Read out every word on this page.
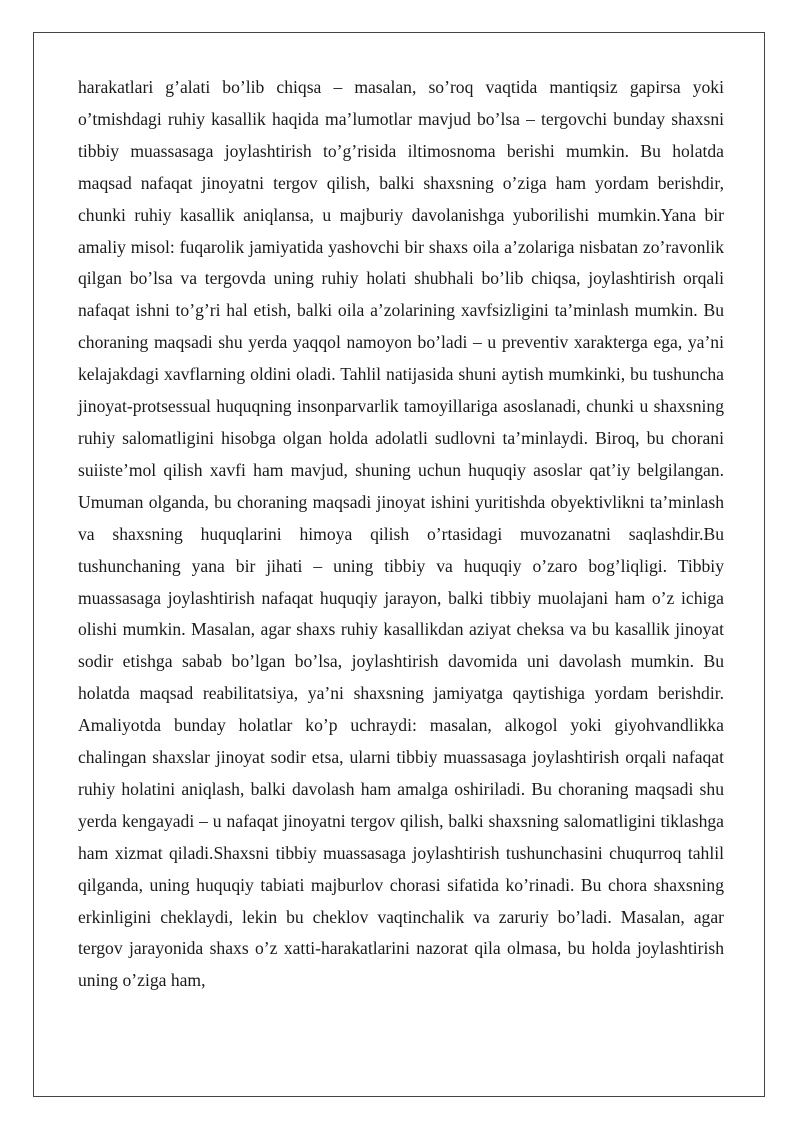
harakatlari g’alati bo’lib chiqsa – masalan, so’roq vaqtida mantiqsiz gapirsa yoki o’tmishdagi ruhiy kasallik haqida ma’lumotlar mavjud bo’lsa – tergovchi bunday shaxsni tibbiy muassasaga joylashtirish to’g’risida iltimosnoma berishi mumkin. Bu holatda maqsad nafaqat jinoyatni tergov qilish, balki shaxsning o’ziga ham yordam berishdir, chunki ruhiy kasallik aniqlansa, u majburiy davolanishga yuborilishi mumkin.Yana bir amaliy misol: fuqarolik jamiyatida yashovchi bir shaxs oila a’zolariga nisbatan zo’ravonlik qilgan bo’lsa va tergovda uning ruhiy holati shubhali bo’lib chiqsa, joylashtirish orqali nafaqat ishni to’g’ri hal etish, balki oila a’zolarining xavfsizligini ta’minlash mumkin. Bu choraning maqsadi shu yerda yaqqol namoyon bo’ladi – u preventiv xarakterga ega, ya’ni kelajakdagi xavflarning oldini oladi. Tahlil natijasida shuni aytish mumkinki, bu tushuncha jinoyat-protsessual huquqning insonparvarlik tamoyillariga asoslanadi, chunki u shaxsning ruhiy salomatligini hisobga olgan holda adolatli sudlovni ta’minlaydi. Biroq, bu chorani suiiste’mol qilish xavfi ham mavjud, shuning uchun huquqiy asoslar qat’iy belgilangan. Umuman olganda, bu choraning maqsadi jinoyat ishini yuritishda obyektivlikni ta’minlash va shaxsning huquqlarini himoya qilish o’rtasidagi muvozanatni saqlashdir.Bu tushunchaning yana bir jihati – uning tibbiy va huquqiy o’zaro bog’liqligi. Tibbiy muassasaga joylashtirish nafaqat huquqiy jarayon, balki tibbiy muolajani ham o’z ichiga olishi mumkin. Masalan, agar shaxs ruhiy kasallikdan aziyat cheksa va bu kasallik jinoyat sodir etishga sabab bo’lgan bo’lsa, joylashtirish davomida uni davolash mumkin. Bu holatda maqsad reabilitatsiya, ya’ni shaxsning jamiyatga qaytishiga yordam berishdir. Amaliyotda bunday holatlar ko’p uchraydi: masalan, alkogol yoki giyohvandlikka chalingan shaxslar jinoyat sodir etsa, ularni tibbiy muassasaga joylashtirish orqali nafaqat ruhiy holatini aniqlash, balki davolash ham amalga oshiriladi. Bu choraning maqsadi shu yerda kengayadi – u nafaqat jinoyatni tergov qilish, balki shaxsning salomatligini tiklashga ham xizmat qiladi.Shaxsni tibbiy muassasaga joylashtirish tushunchasini chuqurroq tahlil qilganda, uning huquqiy tabiati majburlov chorasi sifatida ko’rinadi. Bu chora shaxsning erkinligini cheklaydi, lekin bu cheklov vaqtinchalik va zaruriy bo’ladi. Masalan, agar tergov jarayonida shaxs o’z xatti-harakatlarini nazorat qila olmasa, bu holda joylashtirish uning o’ziga ham,
